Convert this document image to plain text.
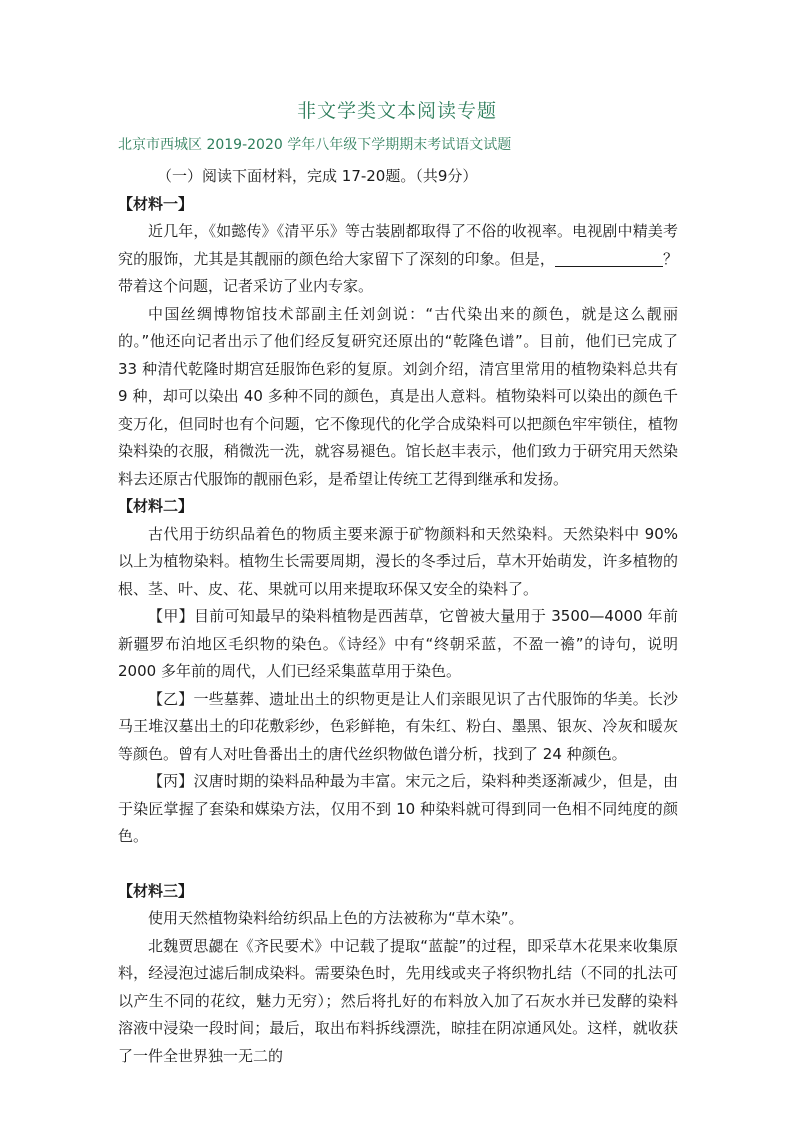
非文学类文本阅读专题
北京市西城区 2019-2020 学年八年级下学期期末考试语文试题

（一）阅读下面材料，完成 17-20题。（共9分）

【材料一】

近几年，《如懿传》《清平乐》等古装剧都取得了不俗的收视率。电视剧中精美考究的服饰，尤其是其靓丽的颜色给大家留下了深刻的印象。但是，	？带着这个问题，记者采访了业内专家。

中国丝绸博物馆技术部副主任刘剑说：“古代染出来的颜色，就是这么靓丽的。”他还向记者出示了他们经反复研究还原出的“乾隆色谱”。目前，他们已完成了 33 种清代乾隆时期宫廷服饰色彩的复原。刘剑介绍，清宫里常用的植物染料总共有 9 种，却可以染出 40 多种不同的颜色，真是出人意料。植物染料可以染出的颜色千变万化，但同时也有个问题，它不像现代的化学合成染料可以把颜色牢牢锁住，植物染料染的衣服，稍微洗一洗，就容易褪色。馆长赵丰表示，他们致力于研究用天然染料去还原古代服饰的靓丽色彩，是希望让传统工艺得到继承和发扬。

【材料二】

古代用于纺织品着色的物质主要来源于矿物颜料和天然染料。天然染料中 90%以上为植物染料。植物生长需要周期，漫长的冬季过后，草木开始萌发，许多植物的根、茎、叶、皮、花、果就可以用来提取环保又安全的染料了。

【甲】目前可知最早的染料植物是西茜草，它曾被大量用于 3500—4000 年前新疆罗布泊地区毛织物的染色。《诗经》中有“终朝采蓝，不盈一襜”的诗句，说明 2000 多年前的周代，人们已经采集蓝草用于染色。

【乙】一些墓葬、遗址出土的织物更是让人们亲眼见识了古代服饰的华美。长沙马王堆汉墓出土的印花敷彩纱，色彩鲜艳，有朱红、粉白、墨黑、银灰、冷灰和暖灰等颜色。曾有人对吐鲁番出土的唐代丝织物做色谱分析，找到了 24 种颜色。

【丙】汉唐时期的染料品种最为丰富。宋元之后，染料种类逐渐减少，但是，由于染匠掌握了套染和媒染方法，仅用不到 10 种染料就可得到同一色相不同纯度的颜色。

【材料三】

使用天然植物染料给纺织品上色的方法被称为“草木染”。

北魏贾思勰在《齐民要术》中记载了提取“蓝靛”的过程，即采草木花果来收集原料，经浸泡过滤后制成染料。需要染色时，先用线或夹子将织物扎结（不同的扎法可以产生不同的花纹，魅力无穷）；然后将扎好的布料放入加了石灰水并已发酵的染料溶液中浸染一段时间；最后，取出布料拆线漂洗，晾挂在阴凉通风处。这样，就收获了一件全世界独一无二的
